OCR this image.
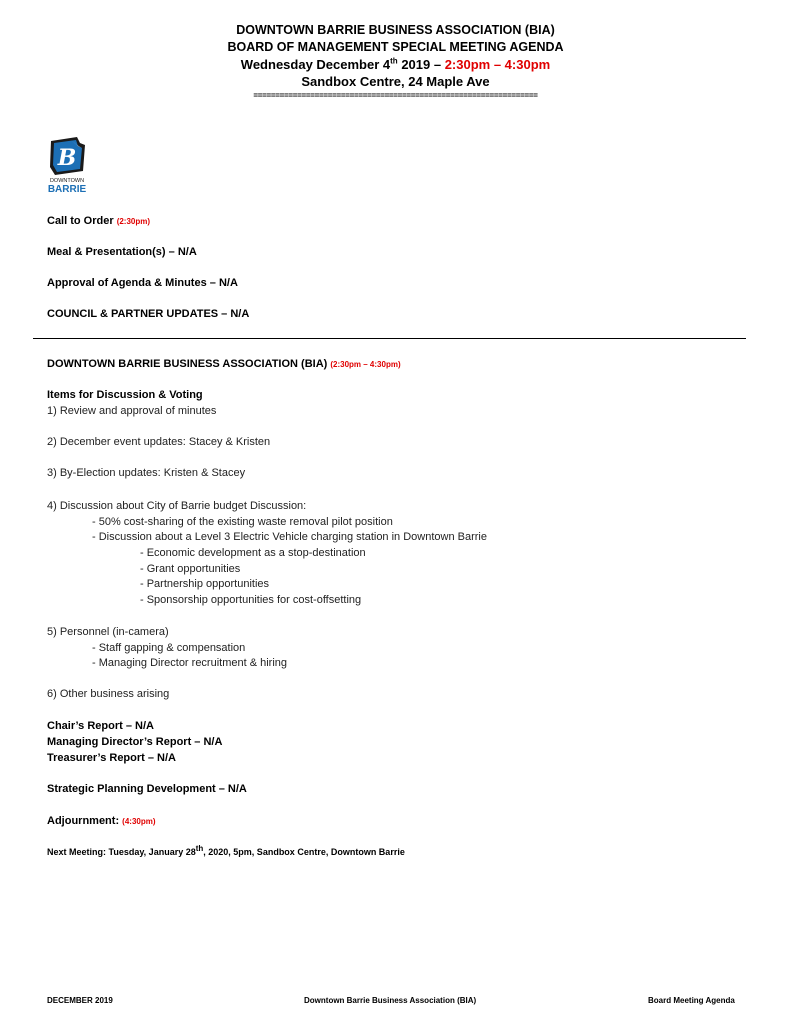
DOWNTOWN BARRIE BUSINESS ASSOCIATION (BIA)
BOARD OF MANAGEMENT SPECIAL MEETING AGENDA
Wednesday December 4th 2019 – 2:30pm – 4:30pm
Sandbox Centre, 24 Maple Ave
=================================================================
B
DOWNTOWN
BARRIE
Call to Order (2:30pm)
Meal & Presentation(s) – N/A
Approval of Agenda & Minutes – N/A
COUNCIL & PARTNER UPDATES – N/A
DOWNTOWN BARRIE BUSINESS ASSOCIATION (BIA) (2:30pm – 4:30pm)
Items for Discussion & Voting
1) Review and approval of minutes
2) December event updates: Stacey & Kristen
3) By-Election updates: Kristen & Stacey
4) Discussion about City of Barrie budget Discussion:
- 50% cost-sharing of the existing waste removal pilot position
- Discussion about a Level 3 Electric Vehicle charging station in Downtown Barrie
- Economic development as a stop-destination
- Grant opportunities
- Partnership opportunities
- Sponsorship opportunities for cost-offsetting
5) Personnel (in-camera)
- Staff gapping & compensation
- Managing Director recruitment & hiring
6) Other business arising
Chair’s Report – N/A
Managing Director’s Report – N/A
Treasurer’s Report – N/A
Strategic Planning Development – N/A
Adjournment: (4:30pm)
Next Meeting: Tuesday, January 28th, 2020, 5pm, Sandbox Centre, Downtown Barrie
DECEMBER 2019	Downtown Barrie Business Association (BIA)	Board Meeting Agenda
